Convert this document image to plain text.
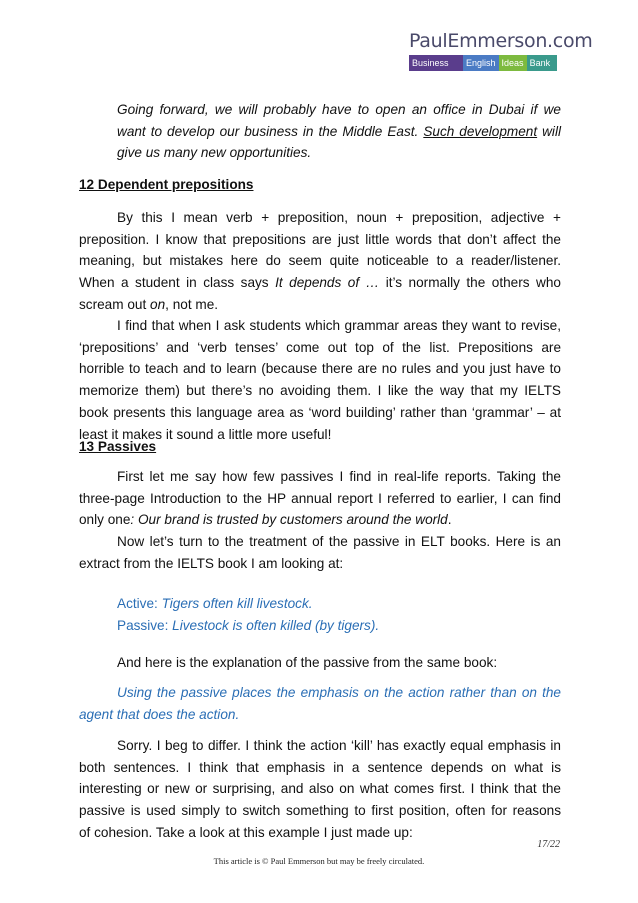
PaulEmmerson.com
Business	English Ideas Bank
Going forward, we will probably have to open an office in Dubai if we
want to develop our business in the Middle East. Such development will
give us many new opportunities.
12 Dependent prepositions
By this I mean verb + preposition, noun + preposition, adjective +
preposition. I know that prepositions are just little words that don’t affect the
meaning, but mistakes here do seem quite noticeable to a reader/listener.
When a student in class says It depends of … it’s normally the others who
scream out on, not me.
I find that when I ask students which grammar areas they want to revise,
‘prepositions’ and ‘verb tenses’ come out top of the list. Prepositions are
horrible to teach and to learn (because there are no rules and you just have to
memorize them) but there’s no avoiding them. I like the way that my IELTS
book presents this language area as ‘word building’ rather than ‘grammar’ – at
least it makes it sound a little more useful!
13 Passives
First let me say how few passives I find in real-life reports. Taking the
three-page Introduction to the HP annual report I referred to earlier, I can find
only one: Our brand is trusted by customers around the world.
Now let’s turn to the treatment of the passive in ELT books. Here is an
extract from the IELTS book I am looking at:
Active: Tigers often kill livestock.
Passive: Livestock is often killed (by tigers).
And here is the explanation of the passive from the same book:
Using the passive places the emphasis on the action rather than on the
agent that does the action.
Sorry. I beg to differ. I think the action ‘kill’ has exactly equal emphasis in
both sentences. I think that emphasis in a sentence depends on what is
interesting or new or surprising, and also on what comes first. I think that the
passive is used simply to switch something to first position, often for reasons
of cohesion. Take a look at this example I just made up:
17/22
This article is © Paul Emmerson but may be freely circulated.
